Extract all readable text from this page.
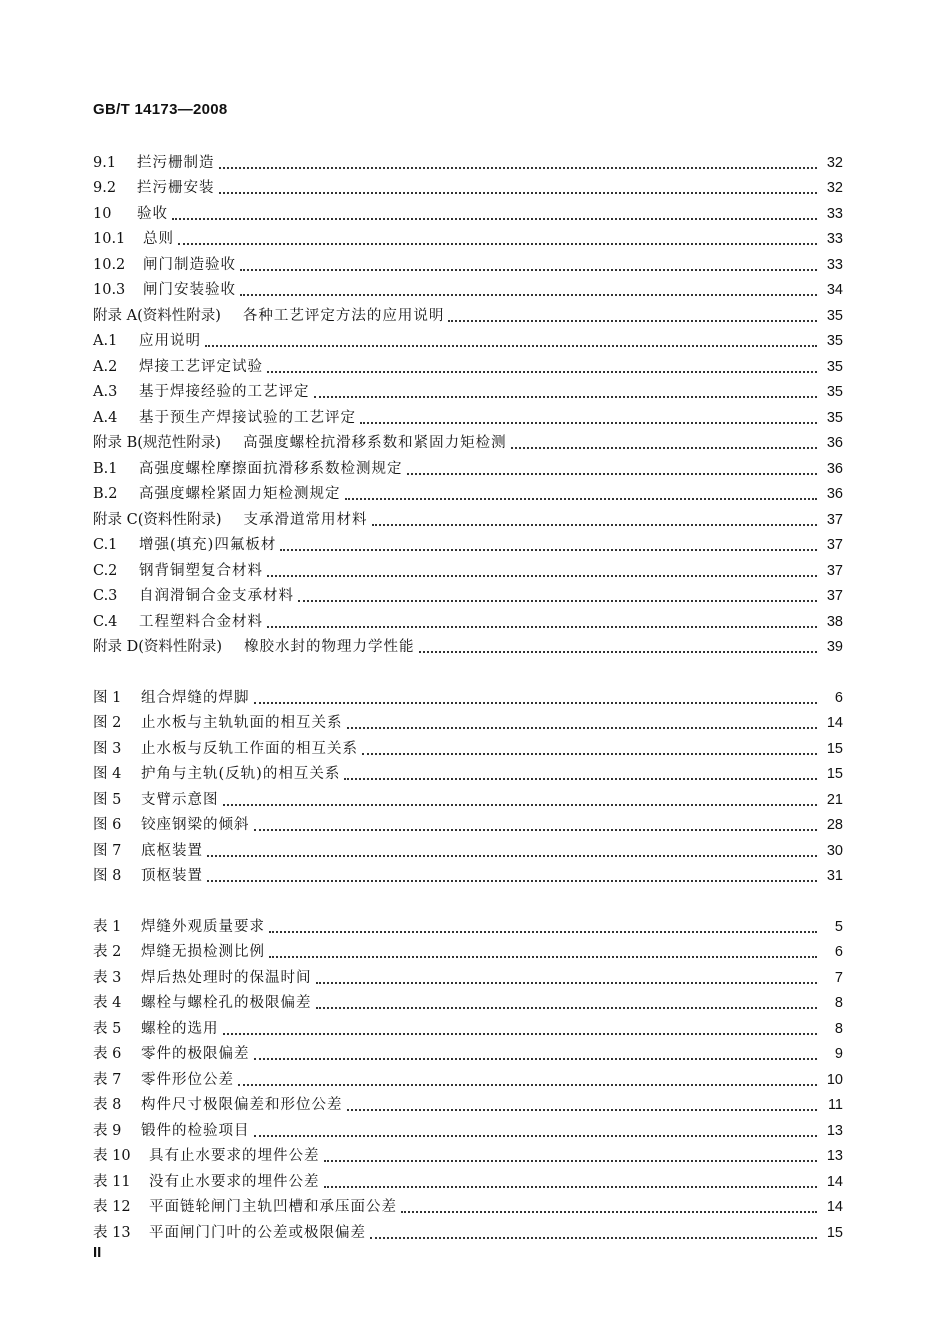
GB/T 14173—2008
9.1	拦污栅制造	32
9.2	拦污栅安装	32
10	验收	33
10.1	总则	33
10.2	闸门制造验收	33
10.3	闸门安装验收	34
附录 A(资料性附录) 各种工艺评定方法的应用说明	35
A.1	应用说明	35
A.2	焊接工艺评定试验	35
A.3	基于焊接经验的工艺评定	35
A.4	基于预生产焊接试验的工艺评定	35
附录 B(规范性附录) 高强度螺栓抗滑移系数和紧固力矩检测	36
B.1	高强度螺栓摩擦面抗滑移系数检测规定	36
B.2	高强度螺栓紧固力矩检测规定	36
附录 C(资料性附录) 支承滑道常用材料	37
C.1	增强(填充)四氟板材	37
C.2	钢背铜塑复合材料	37
C.3	自润滑铜合金支承材料	37
C.4	工程塑料合金材料	38
附录 D(资料性附录) 橡胶水封的物理力学性能	39
图 1	组合焊缝的焊脚	6
图 2	止水板与主轨轨面的相互关系	14
图 3	止水板与反轨工作面的相互关系	15
图 4	护角与主轨(反轨)的相互关系	15
图 5	支臂示意图	21
图 6	铰座钢梁的倾斜	28
图 7	底枢装置	30
图 8	顶枢装置	31
表 1	焊缝外观质量要求	5
表 2	焊缝无损检测比例	6
表 3	焊后热处理时的保温时间	7
表 4	螺栓与螺栓孔的极限偏差	8
表 5	螺栓的选用	8
表 6	零件的极限偏差	9
表 7	零件形位公差	10
表 8	构件尺寸极限偏差和形位公差	11
表 9	锻件的检验项目	13
表 10	具有止水要求的埋件公差	13
表 11	没有止水要求的埋件公差	14
表 12	平面链轮闸门主轨凹槽和承压面公差	14
表 13	平面闸门门叶的公差或极限偏差	15
II
